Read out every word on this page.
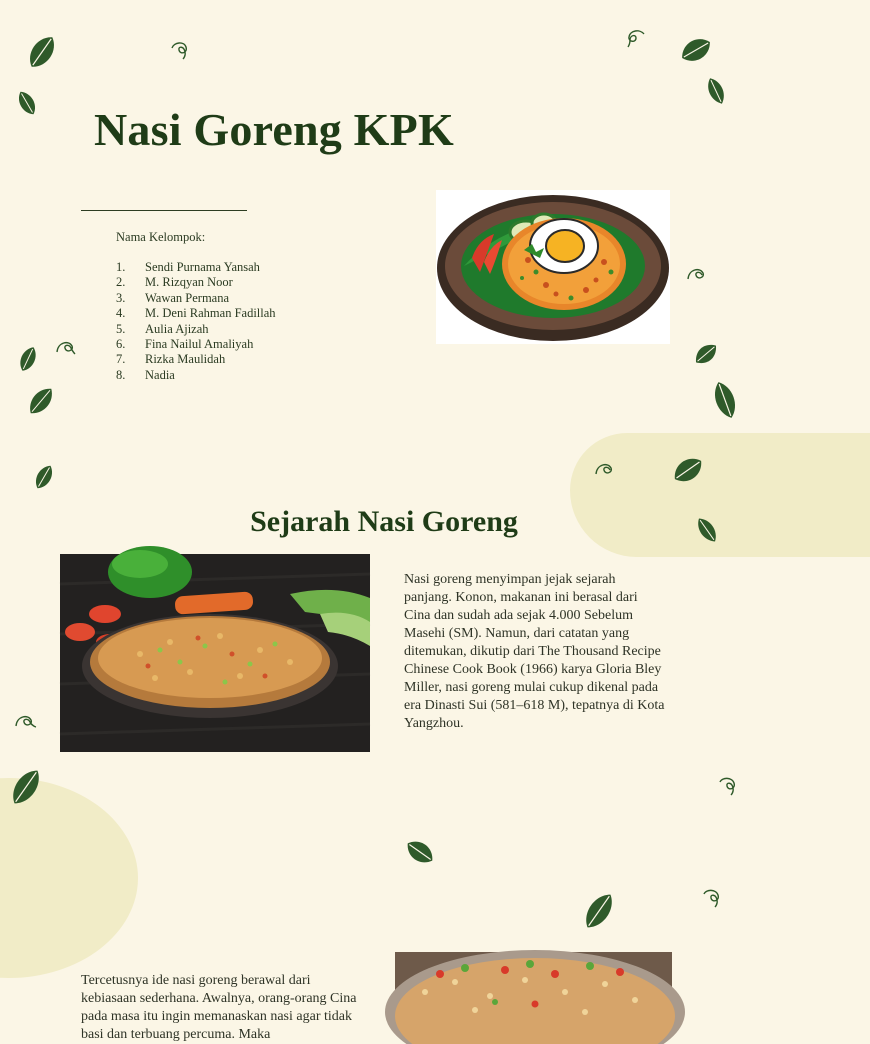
Nasi Goreng KPK
Nama Kelompok:
1.	Sendi Purnama Yansah
2.	M. Rizqyan Noor
3.	Wawan Permana
4.	M. Deni Rahman Fadillah
5.	Aulia Ajizah
6.	Fina Nailul Amaliyah
7.	Rizka Maulidah
8.	Nadia
Sejarah Nasi Goreng

Nasi goreng menyimpan jejak sejarah panjang. Konon, makanan ini berasal dari Cina dan sudah ada sejak 4.000 Sebelum Masehi (SM). Namun, dari catatan yang ditemukan, dikutip dari The Thousand Recipe Chinese Cook Book (1966) karya Gloria Bley Miller, nasi goreng mulai cukup dikenal pada era Dinasti Sui (581–618 M), tepatnya di Kota Yangzhou.

Tercetusnya ide nasi goreng berawal dari kebiasaan sederhana. Awalnya, orang-orang Cina pada masa itu ingin memanaskan nasi agar tidak basi dan terbuang percuma. Maka
